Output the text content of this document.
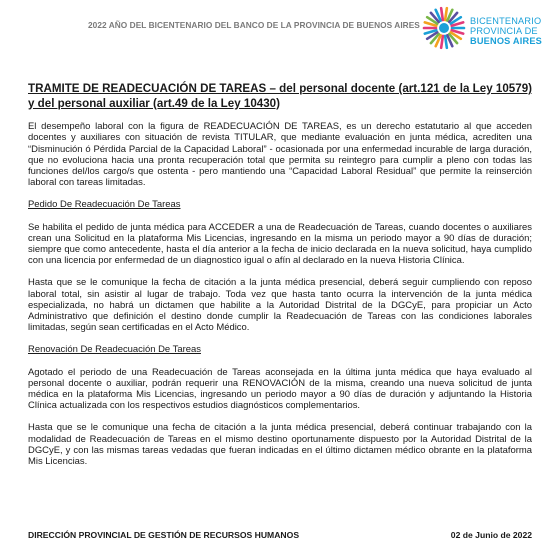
2022 AÑO DEL BICENTENARIO DEL BANCO DE LA PROVINCIA DE BUENOS AIRES	BICENTENARIO
PROVINCIA DE
BUENOS AIRES
TRAMITE DE READECUACIÓN DE TAREAS – del personal docente (art.121 de la Ley 10579) y del personal auxiliar (art.49 de la Ley 10430)
El desempeño laboral con la figura de READECUACIÓN DE TAREAS, es un derecho estatutario al que acceden docentes y auxiliares con situación de revista TITULAR, que mediante evaluación en junta médica, acrediten una “Disminución ó Pérdida Parcial de la Capacidad Laboral” - ocasionada por una enfermedad incurable de larga duración, que no evoluciona hacia una pronta recuperación total que permita su reintegro para cumplir a pleno con todas las funciones del/los cargo/s que ostenta - pero mantiendo una “Capacidad Laboral Residual” que permite la reinserción laboral con tareas limitadas.
Pedido De Readecuación De Tareas
Se habilita el pedido de junta médica para ACCEDER a una de Readecuación de Tareas, cuando docentes o auxiliares crean una Solicitud en la plataforma Mis Licencias, ingresando en la misma un periodo mayor a 90 días de duración; siempre que como antecedente, hasta el día anterior a la fecha de inicio declarada en la nueva solicitud, haya cumplido con una licencia por enfermedad de un diagnostico igual o afín al declarado en la nueva Historia Clínica.
Hasta que se le comunique la fecha de citación a la junta médica presencial, deberá seguir cumpliendo con reposo laboral total, sin asistir al lugar de trabajo. Toda vez que hasta tanto ocurra la intervención de la junta médica especializada, no habrá un dictamen que habilite a la Autoridad Distrital de la DGCyE, para propiciar un Acto Administrativo que definición el destino donde cumplir la Readecuación de Tareas con las condiciones laborales limitadas, según sean certificadas en el Acto Médico.
Renovación De Readecuación De Tareas
Agotado el periodo de una Readecuación de Tareas aconsejada en la última junta médica que haya evaluado al personal docente o auxiliar, podrán requerir una RENOVACIÓN de la misma, creando una nueva solicitud de junta médica en la plataforma Mis Licencias, ingresando un periodo mayor a 90 días de duración y adjuntando la Historia Clínica actualizada con los respectivos estudios diagnósticos complementarios.
Hasta que se le comunique una fecha de citación a la junta médica presencial, deberá continuar trabajando con la modalidad de Readecuación de Tareas en el mismo destino oportunamente dispuesto por la Autoridad Distrital de la DGCyE, y con las mismas tareas vedadas que fueran indicadas en el último dictamen médico obrante en la plataforma Mis Licencias.
DIRECCIÓN PROVINCIAL DE GESTIÓN DE RECURSOS HUMANOS	02 de Junio de 2022
